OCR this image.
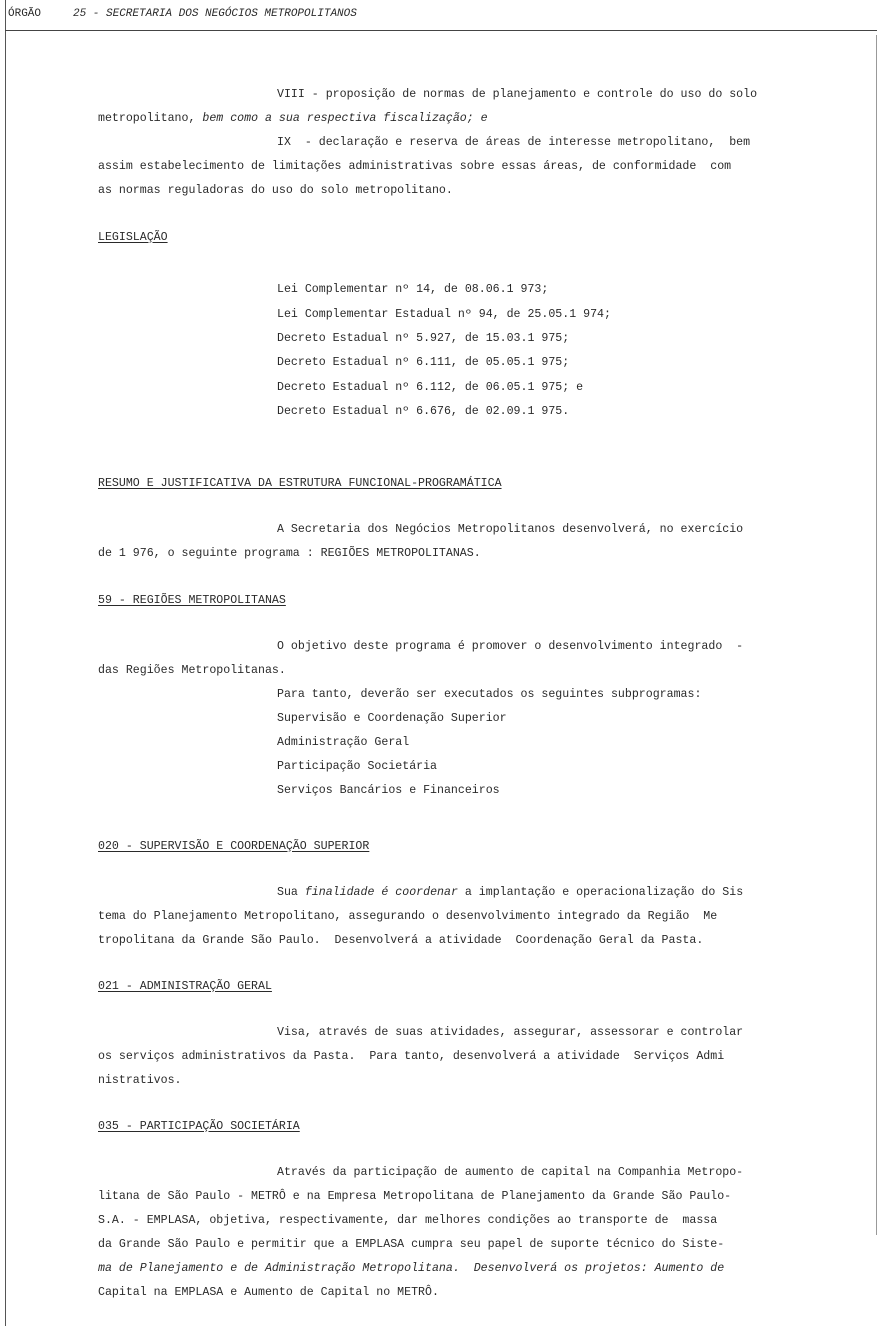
ÓRGÃO	25 - SECRETARIA DOS NEGÓCIOS METROPOLITANOS

VIII - proposição de normas de planejamento e controle do uso do solo

metropolitano, bem como a sua respectiva fiscalização; e

IX  - declaração e reserva de áreas de interesse metropolitano,  bem

assim estabelecimento de limitações administrativas sobre essas áreas, de conformidade  com

as normas reguladoras do uso do solo metropolitano.

LEGISLAÇÃO

Lei Complementar nº 14, de 08.06.1 973;

Lei Complementar Estadual nº 94, de 25.05.1 974;

Decreto Estadual nº 5.927, de 15.03.1 975;

Decreto Estadual nº 6.111, de 05.05.1 975;

Decreto Estadual nº 6.112, de 06.05.1 975; e

Decreto Estadual nº 6.676, de 02.09.1 975.

RESUMO E JUSTIFICATIVA DA ESTRUTURA FUNCIONAL-PROGRAMÁTICA

A Secretaria dos Negócios Metropolitanos desenvolverá, no exercício

de 1 976, o seguinte programa : REGIÕES METROPOLITANAS.

59 - REGIÕES METROPOLITANAS

O objetivo deste programa é promover o desenvolvimento integrado  -

das Regiões Metropolitanas.

Para tanto, deverão ser executados os seguintes subprogramas:

Supervisão e Coordenação Superior

Administração Geral

Participação Societária

Serviços Bancários e Financeiros

020 - SUPERVISÃO E COORDENAÇÃO SUPERIOR

Sua finalidade é coordenar a implantação e operacionalização do Sis

tema do Planejamento Metropolitano, assegurando o desenvolvimento integrado da Região  Me

tropolitana da Grande São Paulo.  Desenvolverá a atividade  Coordenação Geral da Pasta.

021 - ADMINISTRAÇÃO GERAL

Visa, através de suas atividades, assegurar, assessorar e controlar

os serviços administrativos da Pasta.  Para tanto, desenvolverá a atividade  Serviços Admi

nistrativos.

035 - PARTICIPAÇÃO SOCIETÁRIA

Através da participação de aumento de capital na Companhia Metropo-

litana de São Paulo - METRÔ e na Empresa Metropolitana de Planejamento da Grande São Paulo-

S.A. - EMPLASA, objetiva, respectivamente, dar melhores condições ao transporte de  massa

da Grande São Paulo e permitir que a EMPLASA cumpra seu papel de suporte técnico do Siste-

ma de Planejamento e de Administração Metropolitana.  Desenvolverá os projetos: Aumento de

Capital na EMPLASA e Aumento de Capital no METRÔ.
